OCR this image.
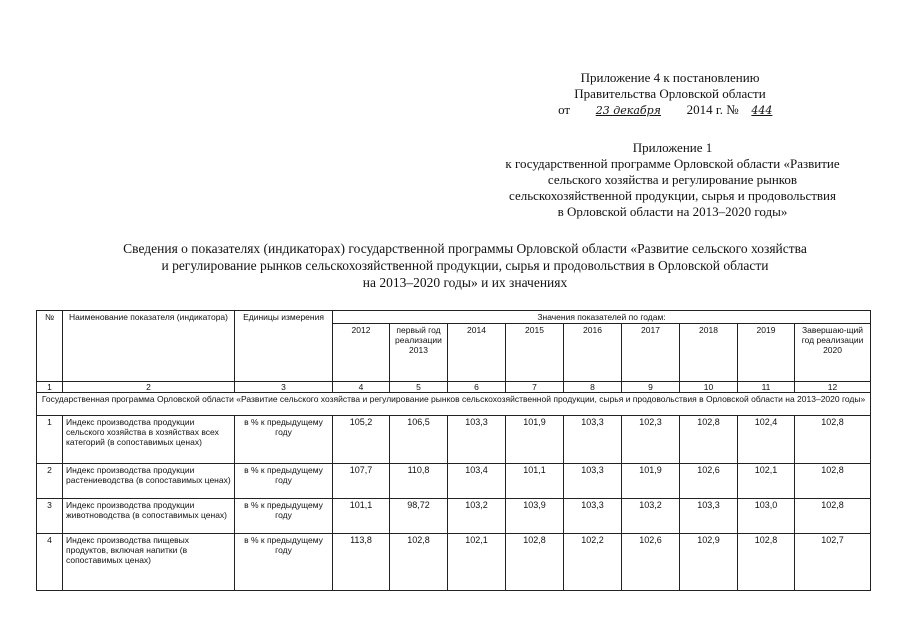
Приложение 4 к постановлению
Правительства Орловской области
от 23 декабря 2014 г. № 444
Приложение 1
к государственной программе Орловской области «Развитие
сельского хозяйства и регулирование рынков
сельскохозяйственной продукции, сырья и продовольствия
в Орловской области на 2013–2020 годы»
Сведения о показателях (индикаторах) государственной программы Орловской области «Развитие сельского хозяйства
и регулирование рынков сельскохозяйственной продукции, сырья и продовольствия в Орловской области
на 2013–2020 годы» и их значениях
№	Наименование показателя (индикатора)	Единицы измерения	Значения показателей по годам:								
			2012	первый год реализации 2013	2014	2015	2016	2017	2018	2019	Завершаю-щий год реализации 2020
1	2	3	4	5	6	7	8	9	10	11	12
Государственная программа Орловской области «Развитие сельского хозяйства и регулирование рынков сельскохозяйственной продукции, сырья и продовольствия в Орловской области на 2013–2020 годы»											
1	Индекс производства продукции сельского хозяйства в хозяйствах всех категорий (в сопоставимых ценах)	в % к предыдущему году	105,2	106,5	103,3	101,9	103,3	102,3	102,8	102,4	102,8
2	Индекс производства продукции растениеводства (в сопоставимых ценах)	в % к предыдущему году	107,7	110,8	103,4	101,1	103,3	101,9	102,6	102,1	102,8
3	Индекс производства продукции животноводства (в сопоставимых ценах)	в % к предыдущему году	101,1	98,72	103,2	103,9	103,3	103,2	103,3	103,0	102,8
4	Индекс производства пищевых продуктов, включая напитки (в сопоставимых ценах)	в % к предыдущему году	113,8	102,8	102,1	102,8	102,2	102,6	102,9	102,8	102,7
